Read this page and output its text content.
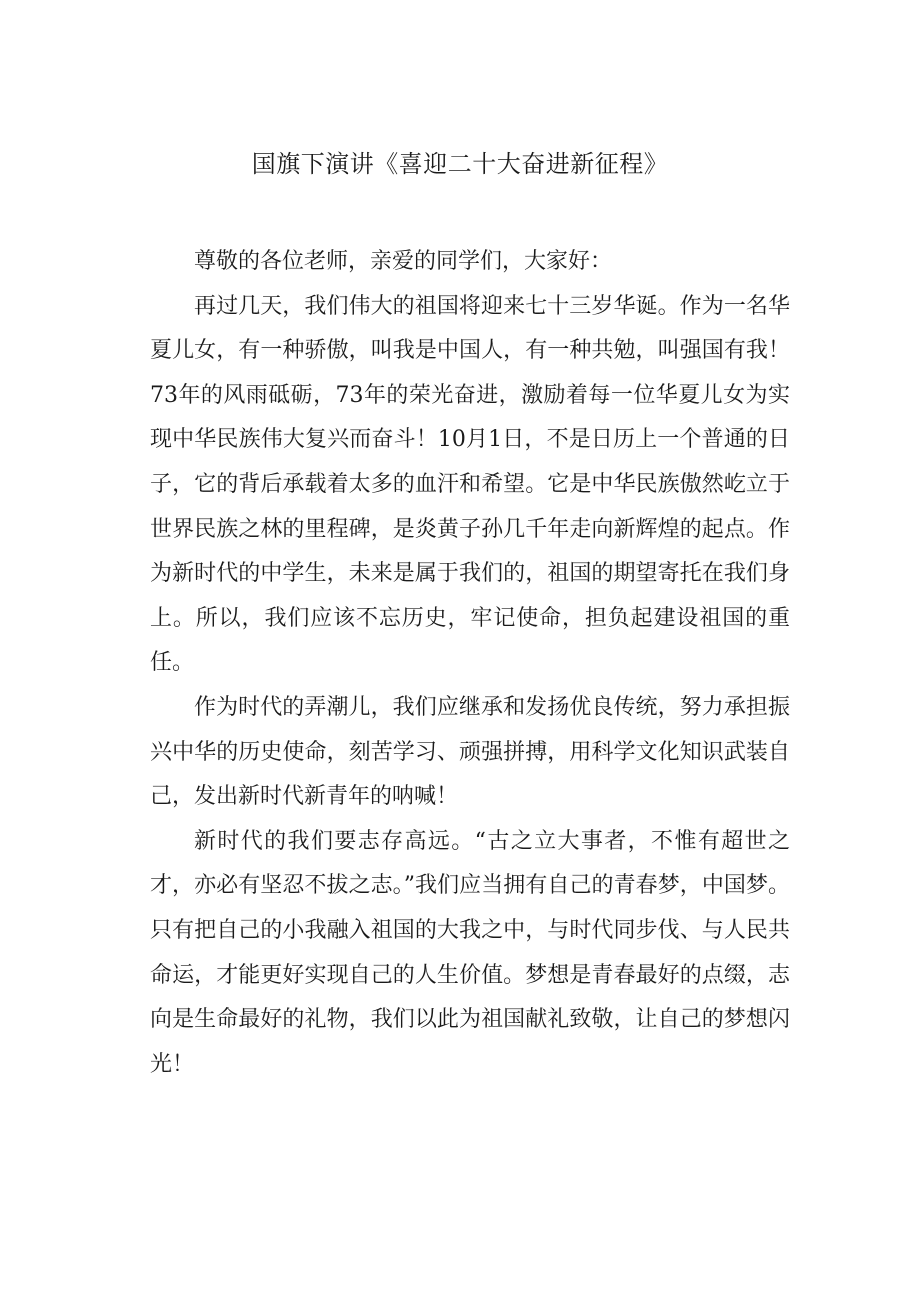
国旗下演讲《喜迎二十大奋进新征程》

尊敬的各位老师，亲爱的同学们，大家好：

再过几天，我们伟大的祖国将迎来七十三岁华诞。作为一名华夏儿女，有一种骄傲，叫我是中国人，有一种共勉，叫强国有我！73年的风雨砥砺，73年的荣光奋进，激励着每一位华夏儿女为实现中华民族伟大复兴而奋斗！10月1日，不是日历上一个普通的日子，它的背后承载着太多的血汗和希望。它是中华民族傲然屹立于世界民族之林的里程碑，是炎黄子孙几千年走向新辉煌的起点。作为新时代的中学生，未来是属于我们的，祖国的期望寄托在我们身上。所以，我们应该不忘历史，牢记使命，担负起建设祖国的重任。

作为时代的弄潮儿，我们应继承和发扬优良传统，努力承担振兴中华的历史使命，刻苦学习、顽强拼搏，用科学文化知识武装自己，发出新时代新青年的呐喊！

新时代的我们要志存高远。“古之立大事者，不惟有超世之才，亦必有坚忍不拔之志。”我们应当拥有自己的青春梦，中国梦。只有把自己的小我融入祖国的大我之中，与时代同步伐、与人民共命运，才能更好实现自己的人生价值。梦想是青春最好的点缀，志向是生命最好的礼物，我们以此为祖国献礼致敬，让自己的梦想闪光！
